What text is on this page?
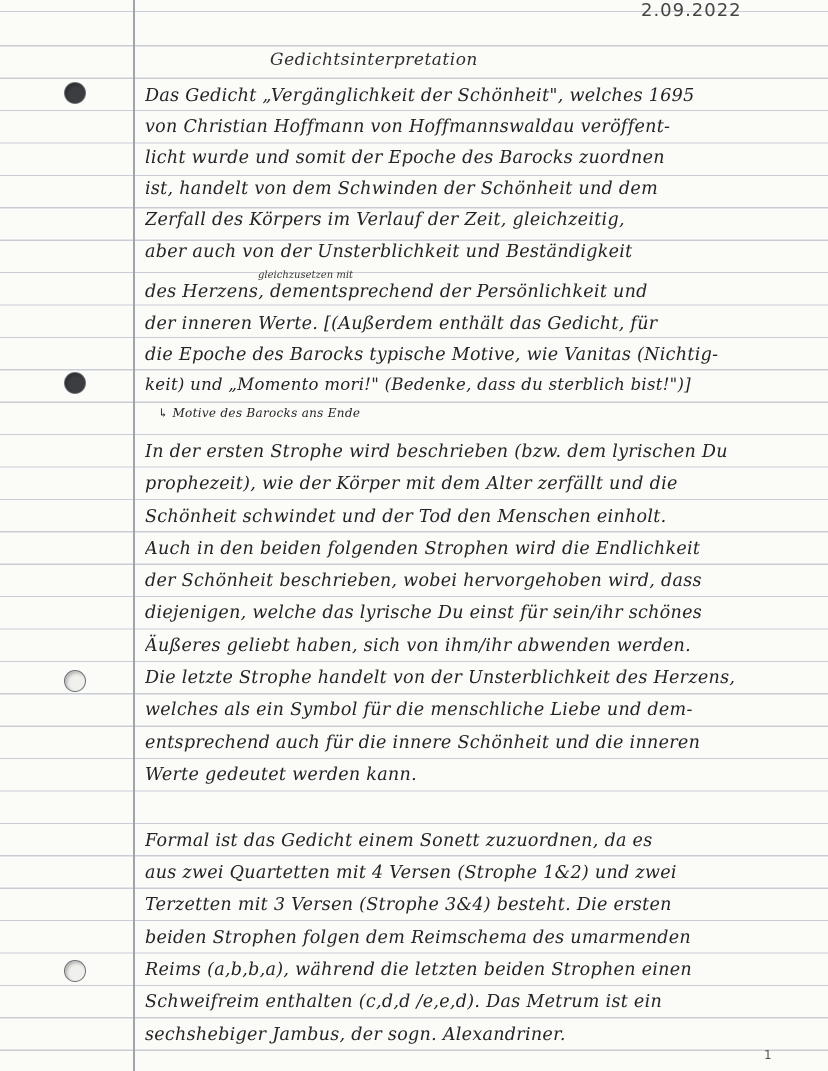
2.09.2022
Gedichtsinterpretation
gleichzusetzen mit
Das Gedicht „Vergänglichkeit der Schönheit", welches 1695
von Christian Hoffmann von Hoffmannswaldau veröffent-
licht wurde und somit der Epoche des Barocks zuordnen
ist, handelt von dem Schwinden der Schönheit und dem
Zerfall des Körpers im Verlauf der Zeit, gleichzeitig,
aber auch von der Unsterblichkeit und Beständigkeit
des Herzens, dementsprechend der Persönlichkeit und
der inneren Werte. [(Außerdem enthält das Gedicht, für
die Epoche des Barocks typische Motive, wie Vanitas (Nichtig-
keit) und „Momento mori!" (Bedenke, dass du sterblich bist!")]
↳ Motive des Barocks ans Ende
In der ersten Strophe wird beschrieben (bzw. dem lyrischen Du
prophezeit), wie der Körper mit dem Alter zerfällt und die
Schönheit schwindet und der Tod den Menschen einholt.
Auch in den beiden folgenden Strophen wird die Endlichkeit
der Schönheit beschrieben, wobei hervorgehoben wird, dass
diejenigen, welche das lyrische Du einst für sein/ihr schönes
Äußeres geliebt haben, sich von ihm/ihr abwenden werden.
Die letzte Strophe handelt von der Unsterblichkeit des Herzens,
welches als ein Symbol für die menschliche Liebe und dem-
entsprechend auch für die innere Schönheit und die inneren
Werte gedeutet werden kann.
Formal ist das Gedicht einem Sonett zuzuordnen, da es
aus zwei Quartetten mit 4 Versen (Strophe 1&2) und zwei
Terzetten mit 3 Versen (Strophe 3&4) besteht. Die ersten
beiden Strophen folgen dem Reimschema des umarmenden
Reims (a,b,b,a), während die letzten beiden Strophen einen
Schweifreim enthalten (c,d,d /e,e,d). Das Metrum ist ein
sechshebiger Jambus, der sogn. Alexandriner.
1
